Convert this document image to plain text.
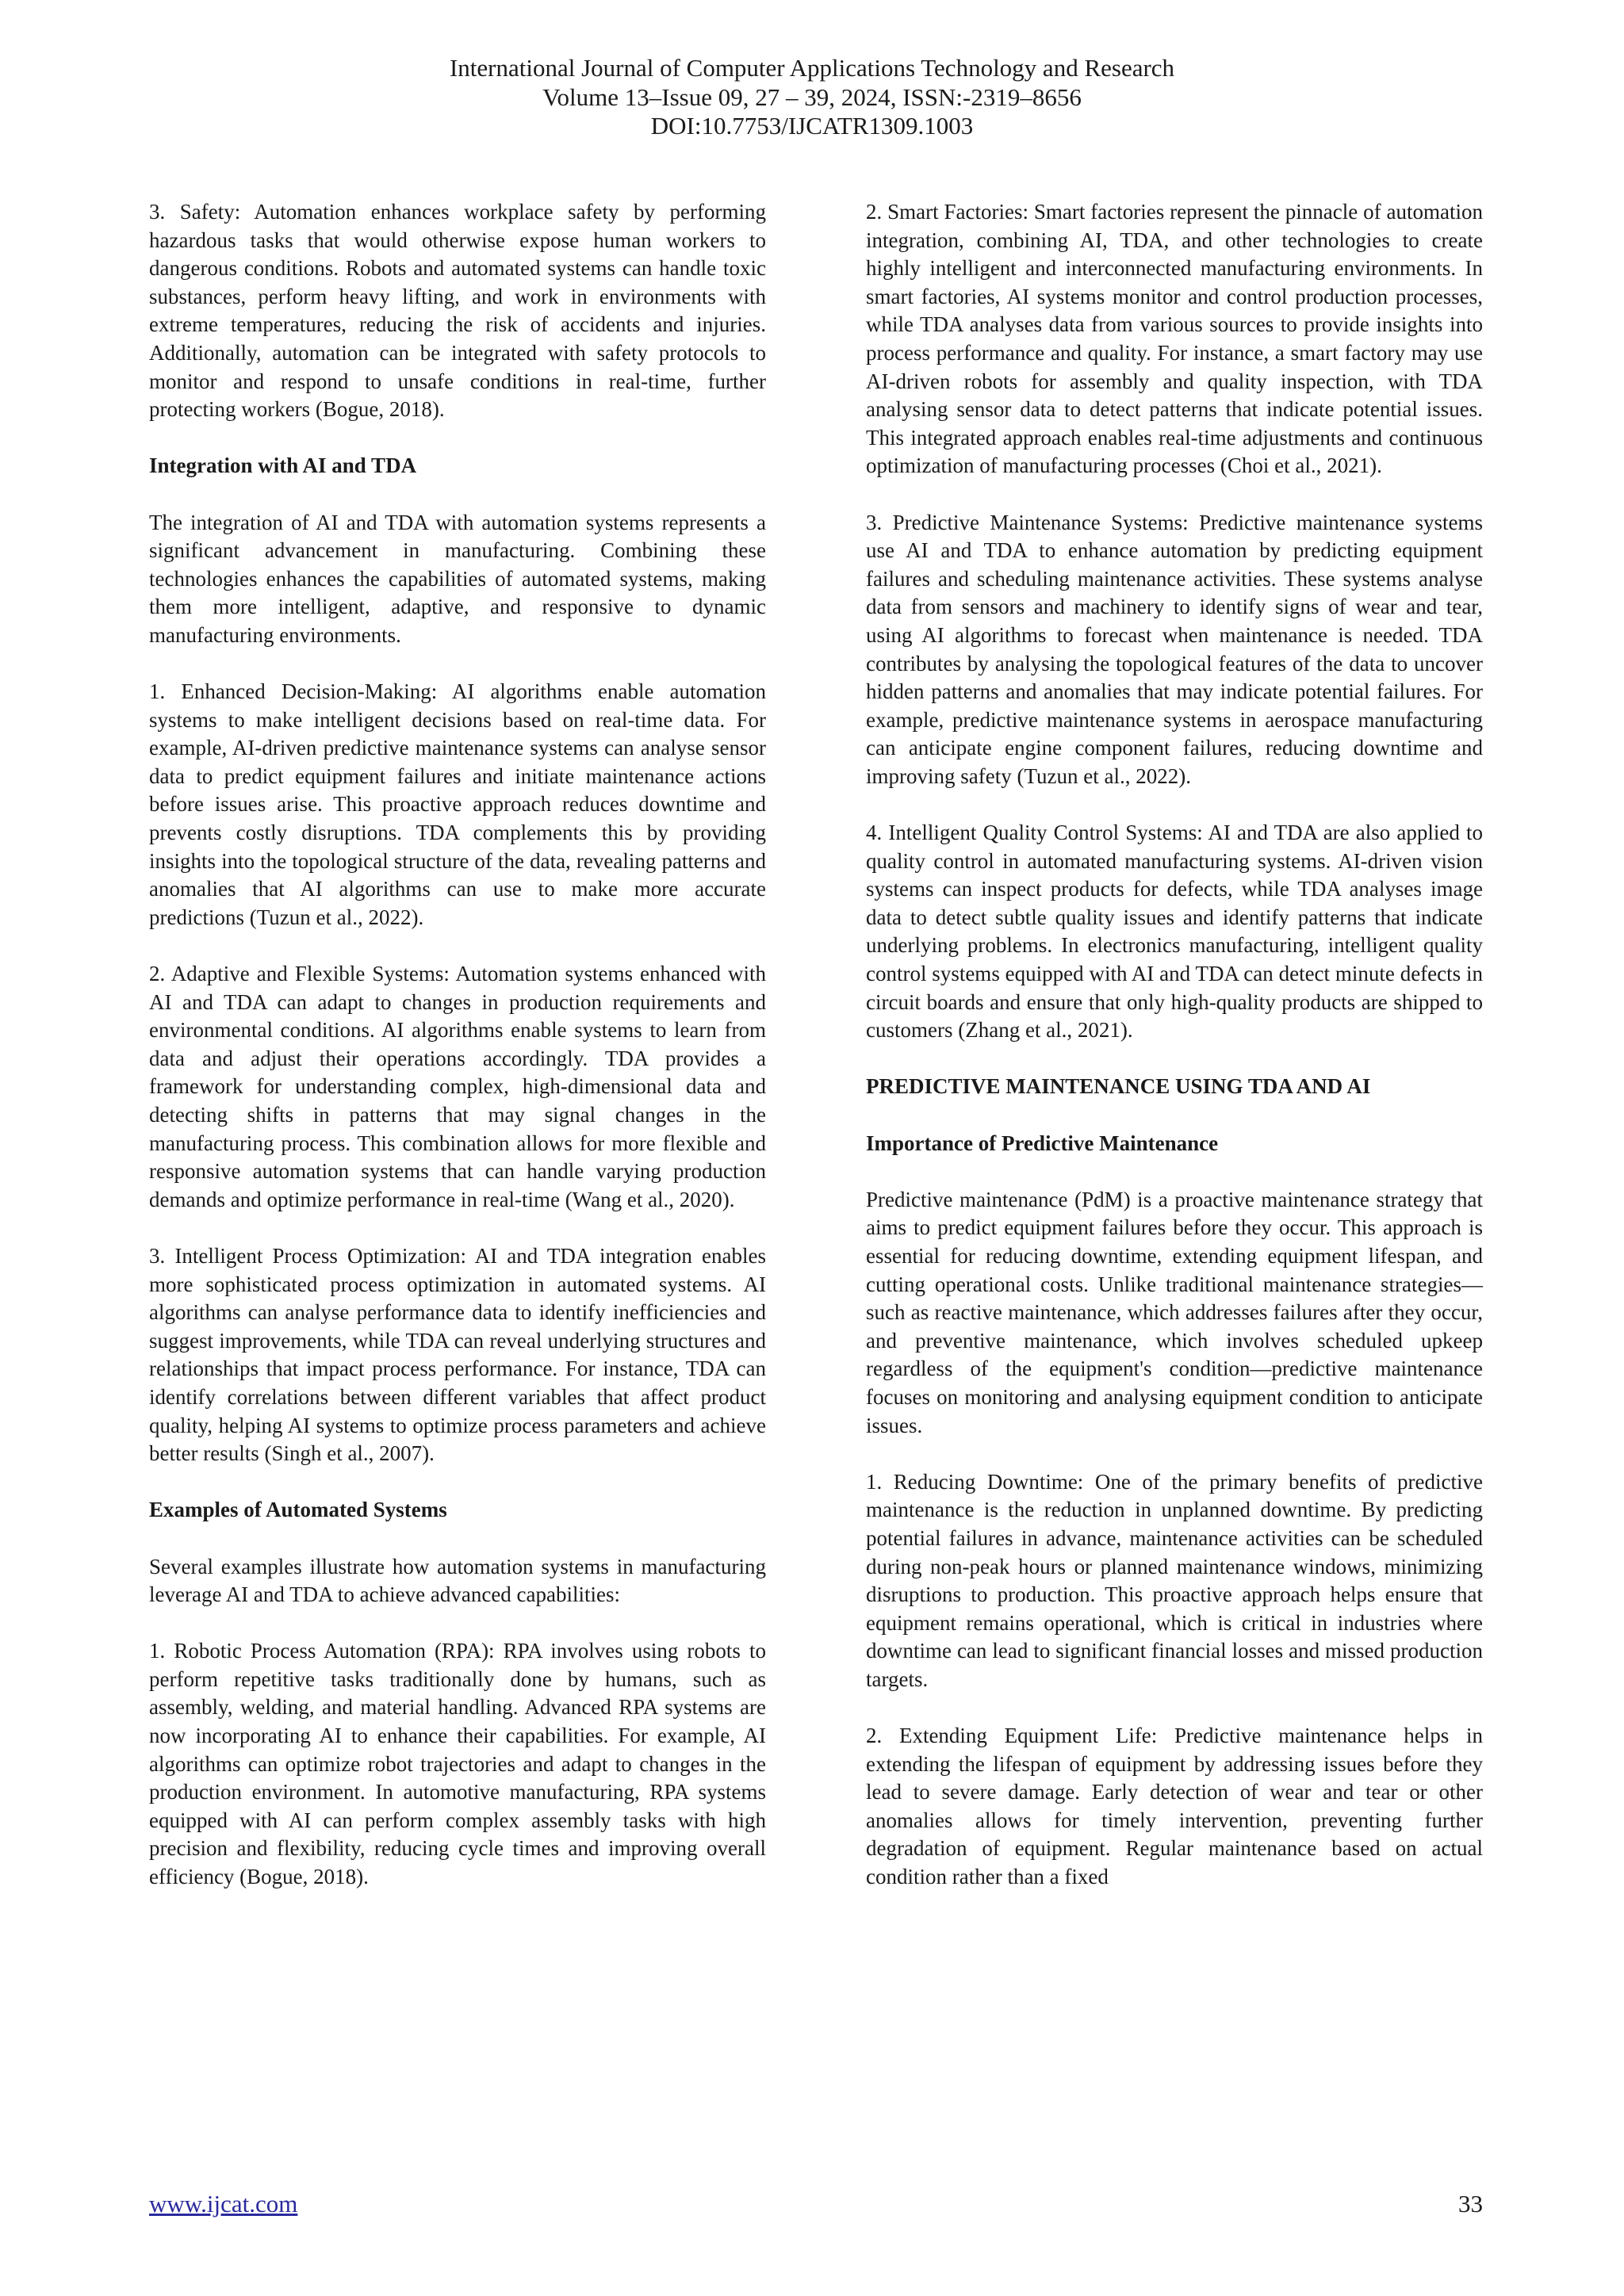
International Journal of Computer Applications Technology and Research
Volume 13–Issue 09, 27 – 39, 2024, ISSN:-2319–8656
DOI:10.7753/IJCATR1309.1003

3. Safety: Automation enhances workplace safety by performing hazardous tasks that would otherwise expose human workers to dangerous conditions. Robots and automated systems can handle toxic substances, perform heavy lifting, and work in environments with extreme temperatures, reducing the risk of accidents and injuries. Additionally, automation can be integrated with safety protocols to monitor and respond to unsafe conditions in real-time, further protecting workers (Bogue, 2018).

Integration with AI and TDA

The integration of AI and TDA with automation systems represents a significant advancement in manufacturing. Combining these technologies enhances the capabilities of automated systems, making them more intelligent, adaptive, and responsive to dynamic manufacturing environments.

1. Enhanced Decision-Making: AI algorithms enable automation systems to make intelligent decisions based on real-time data. For example, AI-driven predictive maintenance systems can analyse sensor data to predict equipment failures and initiate maintenance actions before issues arise. This proactive approach reduces downtime and prevents costly disruptions. TDA complements this by providing insights into the topological structure of the data, revealing patterns and anomalies that AI algorithms can use to make more accurate predictions (Tuzun et al., 2022).

2. Adaptive and Flexible Systems: Automation systems enhanced with AI and TDA can adapt to changes in production requirements and environmental conditions. AI algorithms enable systems to learn from data and adjust their operations accordingly. TDA provides a framework for understanding complex, high-dimensional data and detecting shifts in patterns that may signal changes in the manufacturing process. This combination allows for more flexible and responsive automation systems that can handle varying production demands and optimize performance in real-time (Wang et al., 2020).

3. Intelligent Process Optimization: AI and TDA integration enables more sophisticated process optimization in automated systems. AI algorithms can analyse performance data to identify inefficiencies and suggest improvements, while TDA can reveal underlying structures and relationships that impact process performance. For instance, TDA can identify correlations between different variables that affect product quality, helping AI systems to optimize process parameters and achieve better results (Singh et al., 2007).

Examples of Automated Systems

Several examples illustrate how automation systems in manufacturing leverage AI and TDA to achieve advanced capabilities:

1. Robotic Process Automation (RPA): RPA involves using robots to perform repetitive tasks traditionally done by humans, such as assembly, welding, and material handling. Advanced RPA systems are now incorporating AI to enhance their capabilities. For example, AI algorithms can optimize robot trajectories and adapt to changes in the production environment. In automotive manufacturing, RPA systems equipped with AI can perform complex assembly tasks with high precision and flexibility, reducing cycle times and improving overall efficiency (Bogue, 2018).

2. Smart Factories: Smart factories represent the pinnacle of automation integration, combining AI, TDA, and other technologies to create highly intelligent and interconnected manufacturing environments. In smart factories, AI systems monitor and control production processes, while TDA analyses data from various sources to provide insights into process performance and quality. For instance, a smart factory may use AI-driven robots for assembly and quality inspection, with TDA analysing sensor data to detect patterns that indicate potential issues. This integrated approach enables real-time adjustments and continuous optimization of manufacturing processes (Choi et al., 2021).

3. Predictive Maintenance Systems: Predictive maintenance systems use AI and TDA to enhance automation by predicting equipment failures and scheduling maintenance activities. These systems analyse data from sensors and machinery to identify signs of wear and tear, using AI algorithms to forecast when maintenance is needed. TDA contributes by analysing the topological features of the data to uncover hidden patterns and anomalies that may indicate potential failures. For example, predictive maintenance systems in aerospace manufacturing can anticipate engine component failures, reducing downtime and improving safety (Tuzun et al., 2022).

4. Intelligent Quality Control Systems: AI and TDA are also applied to quality control in automated manufacturing systems. AI-driven vision systems can inspect products for defects, while TDA analyses image data to detect subtle quality issues and identify patterns that indicate underlying problems. In electronics manufacturing, intelligent quality control systems equipped with AI and TDA can detect minute defects in circuit boards and ensure that only high-quality products are shipped to customers (Zhang et al., 2021).

PREDICTIVE MAINTENANCE USING TDA AND AI
Importance of Predictive Maintenance

Predictive maintenance (PdM) is a proactive maintenance strategy that aims to predict equipment failures before they occur. This approach is essential for reducing downtime, extending equipment lifespan, and cutting operational costs. Unlike traditional maintenance strategies—such as reactive maintenance, which addresses failures after they occur, and preventive maintenance, which involves scheduled upkeep regardless of the equipment's condition—predictive maintenance focuses on monitoring and analysing equipment condition to anticipate issues.

1. Reducing Downtime: One of the primary benefits of predictive maintenance is the reduction in unplanned downtime. By predicting potential failures in advance, maintenance activities can be scheduled during non-peak hours or planned maintenance windows, minimizing disruptions to production. This proactive approach helps ensure that equipment remains operational, which is critical in industries where downtime can lead to significant financial losses and missed production targets.

2. Extending Equipment Life: Predictive maintenance helps in extending the lifespan of equipment by addressing issues before they lead to severe damage. Early detection of wear and tear or other anomalies allows for timely intervention, preventing further degradation of equipment. Regular maintenance based on actual condition rather than a fixed

www.ijcat.com	33
